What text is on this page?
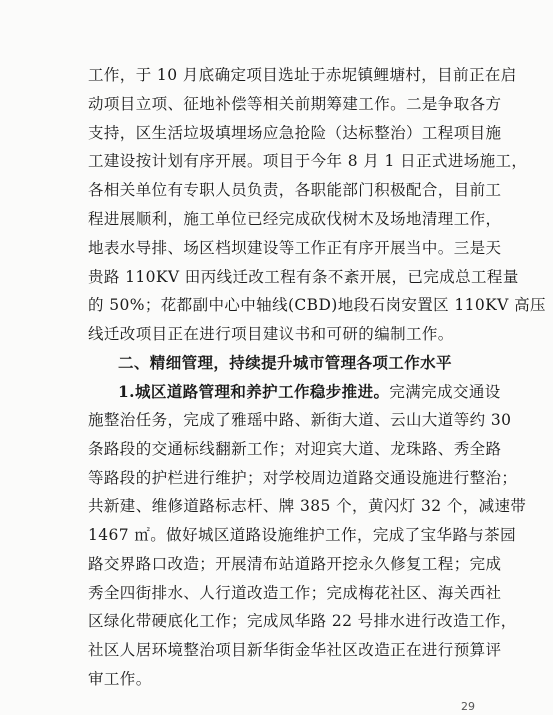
工作，于 10 月底确定项目选址于赤坭镇鲤塘村，目前正在启
动项目立项、征地补偿等相关前期筹建工作。二是争取各方
支持，区生活垃圾填埋场应急抢险（达标整治）工程项目施
工建设按计划有序开展。项目于今年 8 月 1 日正式进场施工，
各相关单位有专职人员负责，各职能部门积极配合，目前工
程进展顺利，施工单位已经完成砍伐树木及场地清理工作，
地表水导排、场区档坝建设等工作正有序开展当中。三是天
贵路 110KV 田丙线迁改工程有条不紊开展，已完成总工程量
的 50%；花都副中心中轴线(CBD)地段石岗安置区 110KV 高压
线迁改项目正在进行项目建议书和可研的编制工作。
二、精细管理，持续提升城市管理各项工作水平
1.城区道路管理和养护工作稳步推进。完满完成交通设
施整治任务，完成了雅瑶中路、新街大道、云山大道等约 30
条路段的交通标线翻新工作；对迎宾大道、龙珠路、秀全路
等路段的护栏进行维护；对学校周边道路交通设施进行整治；
共新建、维修道路标志杆、牌 385 个，黄闪灯 32 个，减速带
1467 ㎡。做好城区道路设施维护工作，完成了宝华路与茶园
路交界路口改造；开展清布站道路开挖永久修复工程；完成
秀全四街排水、人行道改造工作；完成梅花社区、海关西社
区绿化带硬底化工作；完成凤华路 22 号排水进行改造工作，
社区人居环境整治项目新华街金华社区改造正在进行预算评
审工作。
29
